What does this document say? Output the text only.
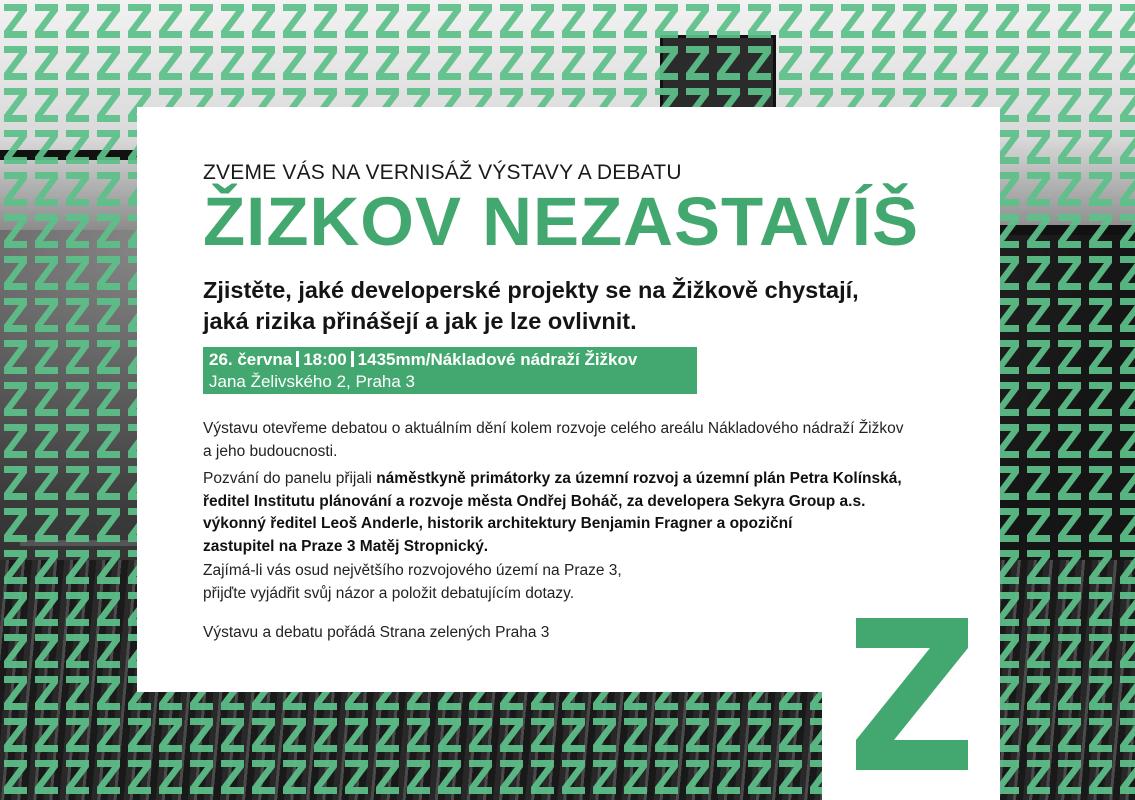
ZVEME VÁS NA VERNISÁŽ VÝSTAVY A DEBATU
ŽIZKOV NEZASTAVÍŠ
Zjistěte, jaké developerské projekty se na Žižkově chystají,
jaká rizika přinášejí a jak je lze ovlivnit.
26. června 18:00 1435mm/Nákladové nádraží Žižkov
Jana Želivského 2, Praha 3
Výstavu otevřeme debatou o aktuálním dění kolem rozvoje celého areálu Nákladového nádraží Žižkov
a jeho budoucnosti.
Pozvání do panelu přijali náměstkyně primátorky za územní rozvoj a územní plán Petra Kolínská,
ředitel Institutu plánování a rozvoje města Ondřej Boháč, za developera Sekyra Group a.s.
výkonný ředitel Leoš Anderle, historik architektury Benjamin Fragner a opoziční
zastupitel na Praze 3 Matěj Stropnický.
Zajímá-li vás osud největšího rozvojového území na Praze 3,
přijďte vyjádřit svůj názor a položit debatujícím dotazy.
Výstavu a debatu pořádá Strana zelených Praha 3
